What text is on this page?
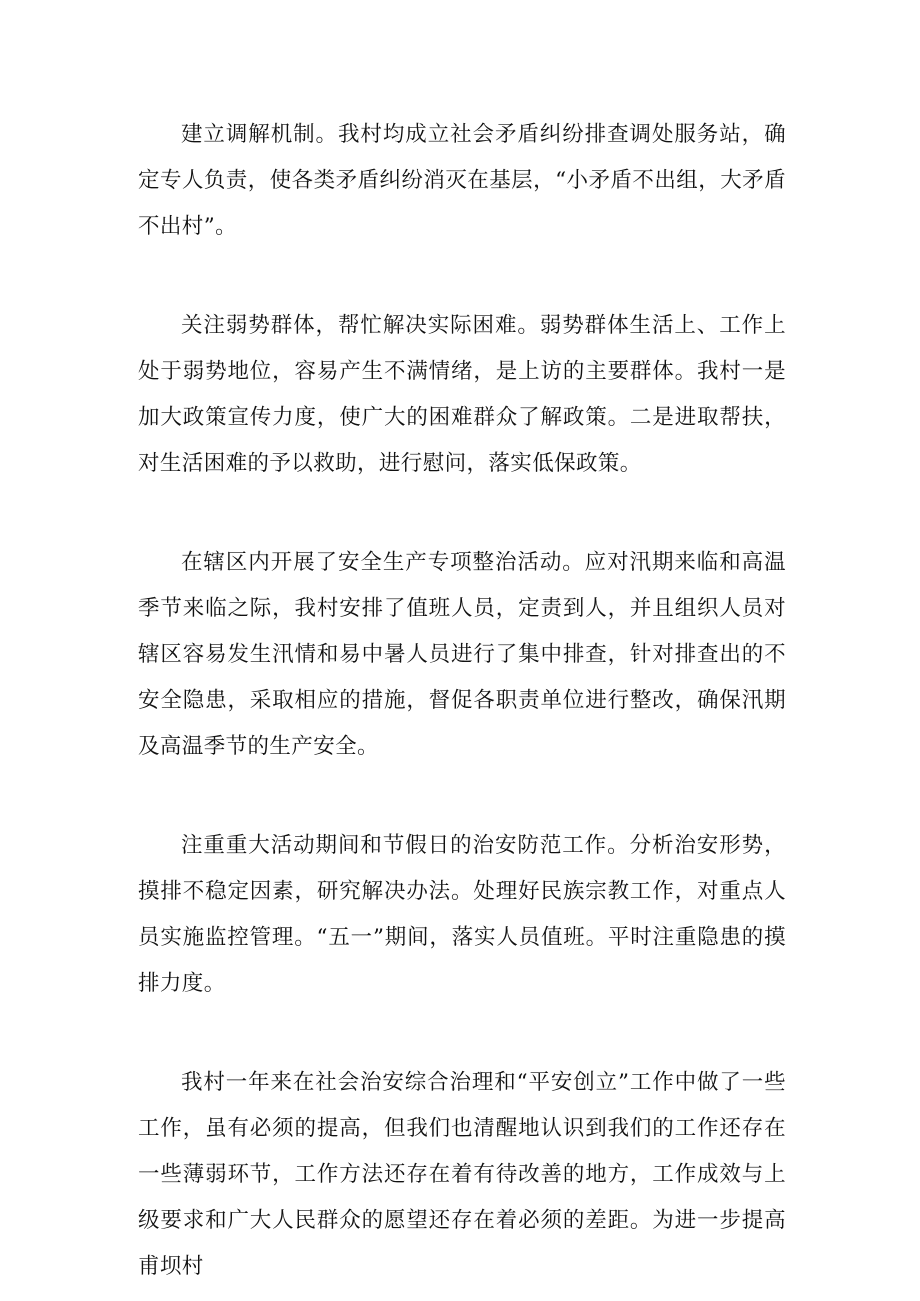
建立调解机制。我村均成立社会矛盾纠纷排查调处服务站，确定专人负责，使各类矛盾纠纷消灭在基层，“小矛盾不出组，大矛盾不出村”。

关注弱势群体，帮忙解决实际困难。弱势群体生活上、工作上处于弱势地位，容易产生不满情绪，是上访的主要群体。我村一是加大政策宣传力度，使广大的困难群众了解政策。二是进取帮扶，对生活困难的予以救助，进行慰问，落实低保政策。

在辖区内开展了安全生产专项整治活动。应对汛期来临和高温季节来临之际，我村安排了值班人员，定责到人，并且组织人员对辖区容易发生汛情和易中暑人员进行了集中排查，针对排查出的不安全隐患，采取相应的措施，督促各职责单位进行整改，确保汛期及高温季节的生产安全。

注重重大活动期间和节假日的治安防范工作。分析治安形势，摸排不稳定因素，研究解决办法。处理好民族宗教工作，对重点人员实施监控管理。“五一”期间，落实人员值班。平时注重隐患的摸排力度。

我村一年来在社会治安综合治理和“平安创立”工作中做了一些工作，虽有必须的提高，但我们也清醒地认识到我们的工作还存在一些薄弱环节，工作方法还存在着有待改善的地方，工作成效与上级要求和广大人民群众的愿望还存在着必须的差距。为进一步提高甫坝村
